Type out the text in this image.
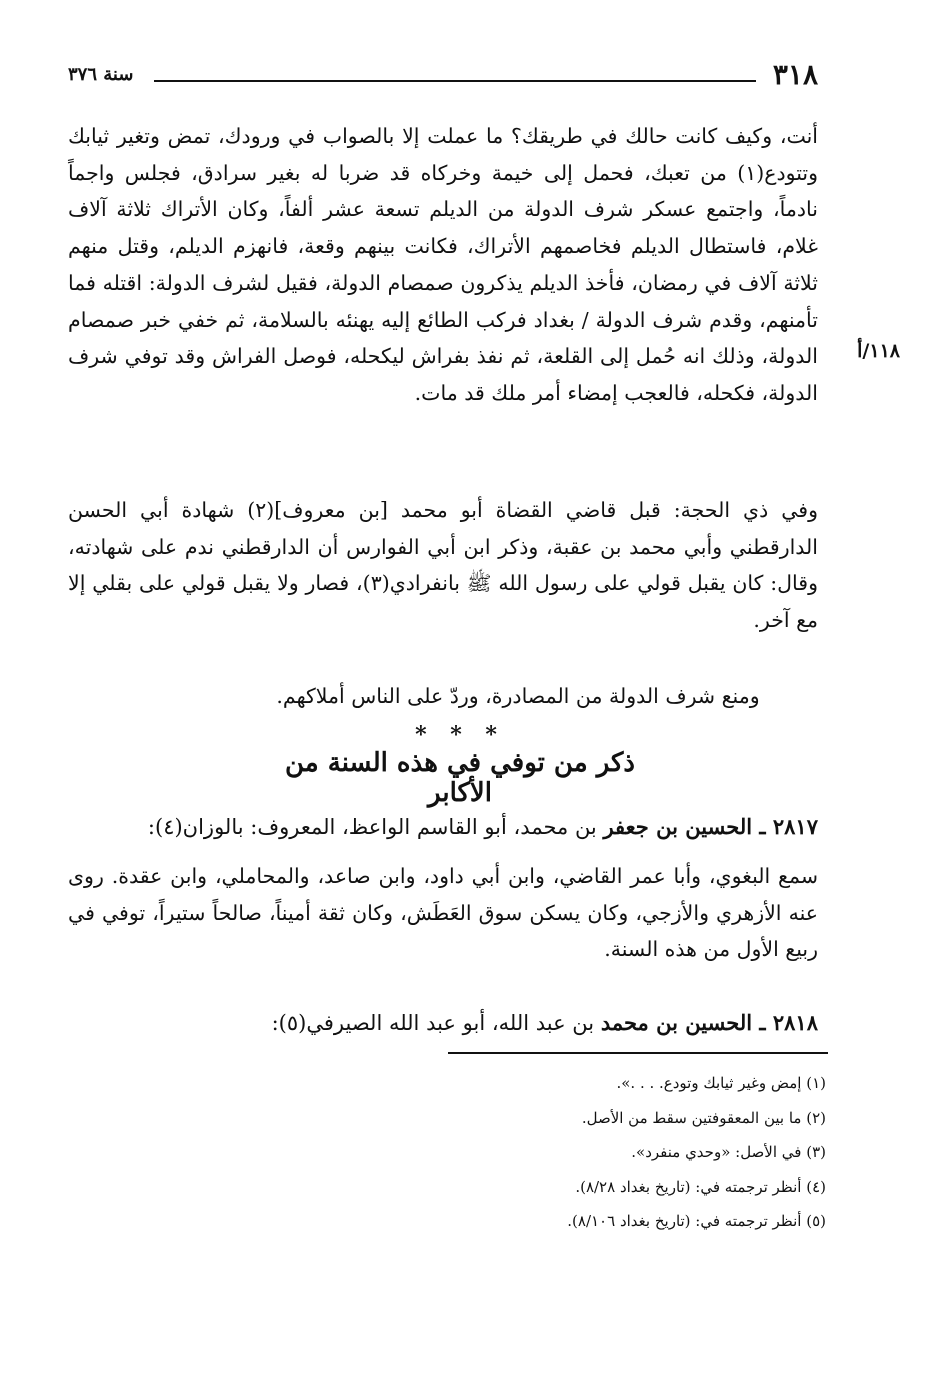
٣١٨
سنة ٣٧٦
١١٨/أ

أنت، وكيف كانت حالك في طريقك؟ ما عملت إلا بالصواب في ورودك، تمض وتغير ثيابك وتتودع(١) من تعبك، فحمل إلى خيمة وخركاه قد ضربا له بغير سرادق، فجلس واجماً نادماً، واجتمع عسكر شرف الدولة من الديلم تسعة عشر ألفاً، وكان الأتراك ثلاثة آلاف غلام، فاستطال الديلم فخاصمهم الأتراك، فكانت بينهم وقعة، فانهزم الديلم، وقتل منهم ثلاثة آلاف في رمضان، فأخذ الديلم يذكرون صمصام الدولة، فقيل لشرف الدولة: اقتله فما تأمنهم، وقدم شرف الدولة / بغداد فركب الطائع إليه يهنئه بالسلامة، ثم خفي خبر صمصام الدولة، وذلك انه حُمل إلى القلعة، ثم نفذ بفراش ليكحله، فوصل الفراش وقد توفي شرف الدولة، فكحله، فالعجب إمضاء أمر ملك قد مات.

وفي ذي الحجة: قبل قاضي القضاة أبو محمد [بن معروف](٢) شهادة أبي الحسن الدارقطني وأبي محمد بن عقبة، وذكر ابن أبي الفوارس أن الدارقطني ندم على شهادته، وقال: كان يقبل قولي على رسول الله ﷺ بانفرادي(٣)، فصار ولا يقبل قولي على بقلي إلا مع آخر.

ومنع شرف الدولة من المصادرة، وردّ على الناس أملاكهم.

* * *
ذكر من توفي في هذه السنة من الأكابر
٢٨١٧ ـ الحسين بن جعفر بن محمد، أبو القاسم الواعظ، المعروف: بالوزان(٤):

سمع البغوي، وأبا عمر القاضي، وابن أبي داود، وابن صاعد، والمحاملي، وابن عقدة. روى عنه الأزهري والأزجي، وكان يسكن سوق العَطَش، وكان ثقة أميناً، صالحاً ستيراً، توفي في ربيع الأول من هذه السنة.

٢٨١٨ ـ الحسين بن محمد بن عبد الله، أبو عبد الله الصيرفي(٥):
(١) إمض وغير ثيابك وتودع. . . .».
(٢) ما بين المعقوفتين سقط من الأصل.
(٣) في الأصل: «وحدي منفرد».
(٤) أنظر ترجمته في: (تاريخ بغداد ٨/٢٨).
(٥) أنظر ترجمته في: (تاريخ بغداد ٨/١٠٦).
